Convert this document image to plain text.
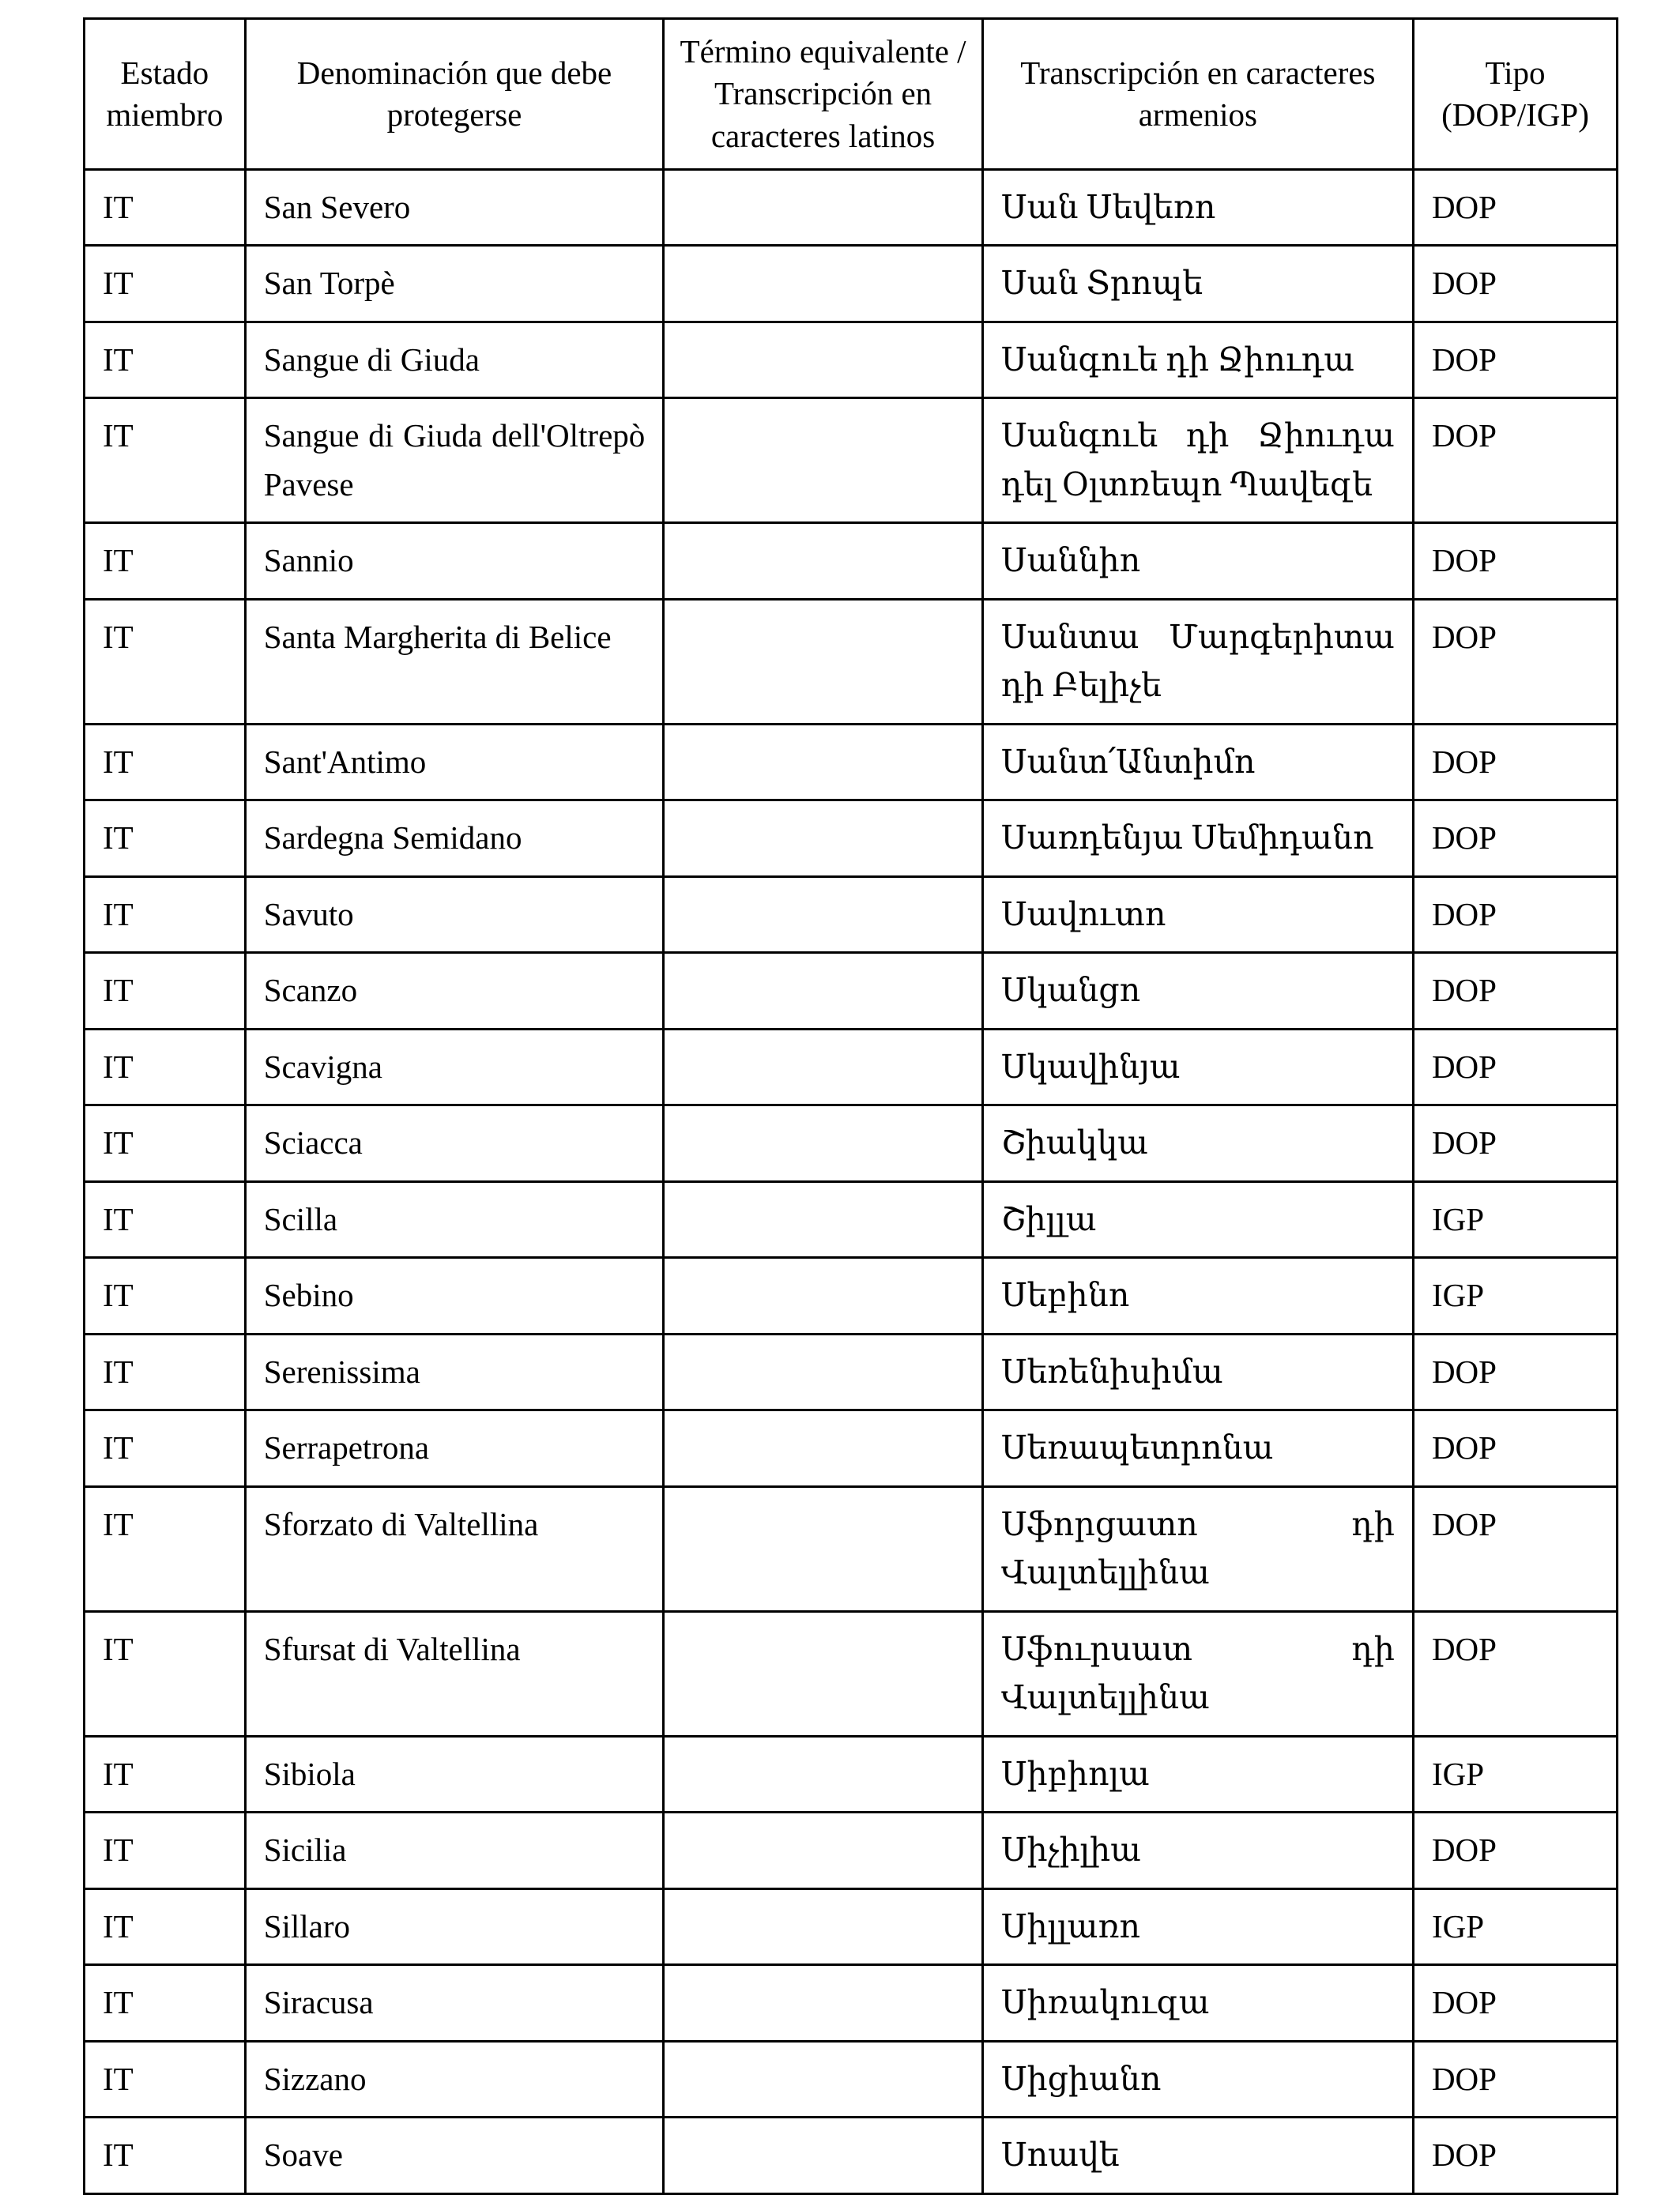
Estado miembro	Denominación que debe protegerse	Término equivalente / Transcripción en caracteres latinos	Transcripción en caracteres armenios	Tipo (DOP/IGP)
IT	San Severo		Սան Սեվեռո	DOP
IT	San Torpè		Սան Տրոպե	DOP
IT	Sangue di Giuda		Սանգուե դի Ջիուդա	DOP
IT	Sangue di Giuda dell'Oltrepò Pavese		Սանգուե դի Ջիուդա դել Օլտռեպո Պավեզե	DOP
IT	Sannio		Սաննիո	DOP
IT	Santa Margherita di Belice		Սանտա Մարգերիտա դի Բելիչե	DOP
IT	Sant'Antimo		Սանտ՛Անտիմո	DOP
IT	Sardegna Semidano		Սառդենյա Սեմիդանո	DOP
IT	Savuto		Սավուտո	DOP
IT	Scanzo		Սկանցո	DOP
IT	Scavigna		Սկավինյա	DOP
IT	Sciacca		Շիակկա	DOP
IT	Scilla		Շիլլա	IGP
IT	Sebino		Սեբինո	IGP
IT	Serenissima		Սեռենիսիմա	DOP
IT	Serrapetrona		Սեռապետրոնա	DOP
IT	Sforzato di Valtellina		Սֆորցատո դի Վալտելլինա	DOP
IT	Sfursat di Valtellina		Սֆուրսատ դի Վալտելլինա	DOP
IT	Sibiola		Սիբիոլա	IGP
IT	Sicilia		Սիչիլիա	DOP
IT	Sillaro		Սիլլառո	IGP
IT	Siracusa		Սիռակուզա	DOP
IT	Sizzano		Սիցիանո	DOP
IT	Soave		Սոավե	DOP
